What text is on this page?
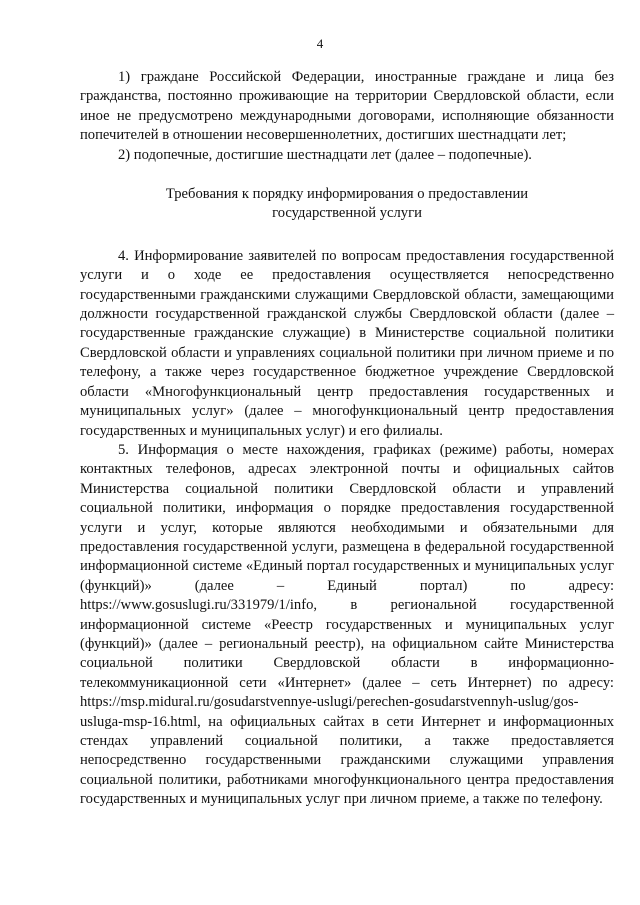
4

1) граждане Российской Федерации, иностранные граждане и лица без гражданства, постоянно проживающие на территории Свердловской области, если иное не предусмотрено международными договорами, исполняющие обязанности попечителей в отношении несовершеннолетних, достигших шестнадцати лет;

2) подопечные, достигшие шестнадцати лет (далее – подопечные).

Требования к порядку информирования о предоставлении
государственной услуги

4. Информирование заявителей по вопросам предоставления государственной услуги и о ходе ее предоставления осуществляется непосредственно государственными гражданскими служащими Свердловской области, замещающими должности государственной гражданской службы Свердловской области (далее – государственные гражданские служащие) в Министерстве социальной политики Свердловской области и управлениях социальной политики при личном приеме и по телефону, а также через государственное бюджетное учреждение Свердловской области «Многофункциональный центр предоставления государственных и муниципальных услуг» (далее – многофункциональный центр предоставления государственных и муниципальных услуг) и его филиалы.

5. Информация о месте нахождения, графиках (режиме) работы, номерах контактных телефонов, адресах электронной почты и официальных сайтов Министерства социальной политики Свердловской области и управлений социальной политики, информация о порядке предоставления государственной услуги и услуг, которые являются необходимыми и обязательными для предоставления государственной услуги, размещена в федеральной государственной информационной системе «Единый портал государственных и муниципальных услуг (функций)» (далее – Единый портал) по адресу: https://www.gosuslugi.ru/331979/1/info, в региональной государственной информационной системе «Реестр государственных и муниципальных услуг (функций)» (далее – региональный реестр), на официальном сайте Министерства социальной политики Свердловской области в информационно-телекоммуникационной сети «Интернет» (далее – сеть Интернет) по адресу: https://msp.midural.ru/gosudarstvennye-uslugi/perechen-gosudarstvennyh-uslug/gos-usluga-msp-16.html, на официальных сайтах в сети Интернет и информационных стендах управлений социальной политики, а также предоставляется непосредственно государственными гражданскими служащими управления социальной политики, работниками многофункционального центра предоставления государственных и муниципальных услуг при личном приеме, а также по телефону.
